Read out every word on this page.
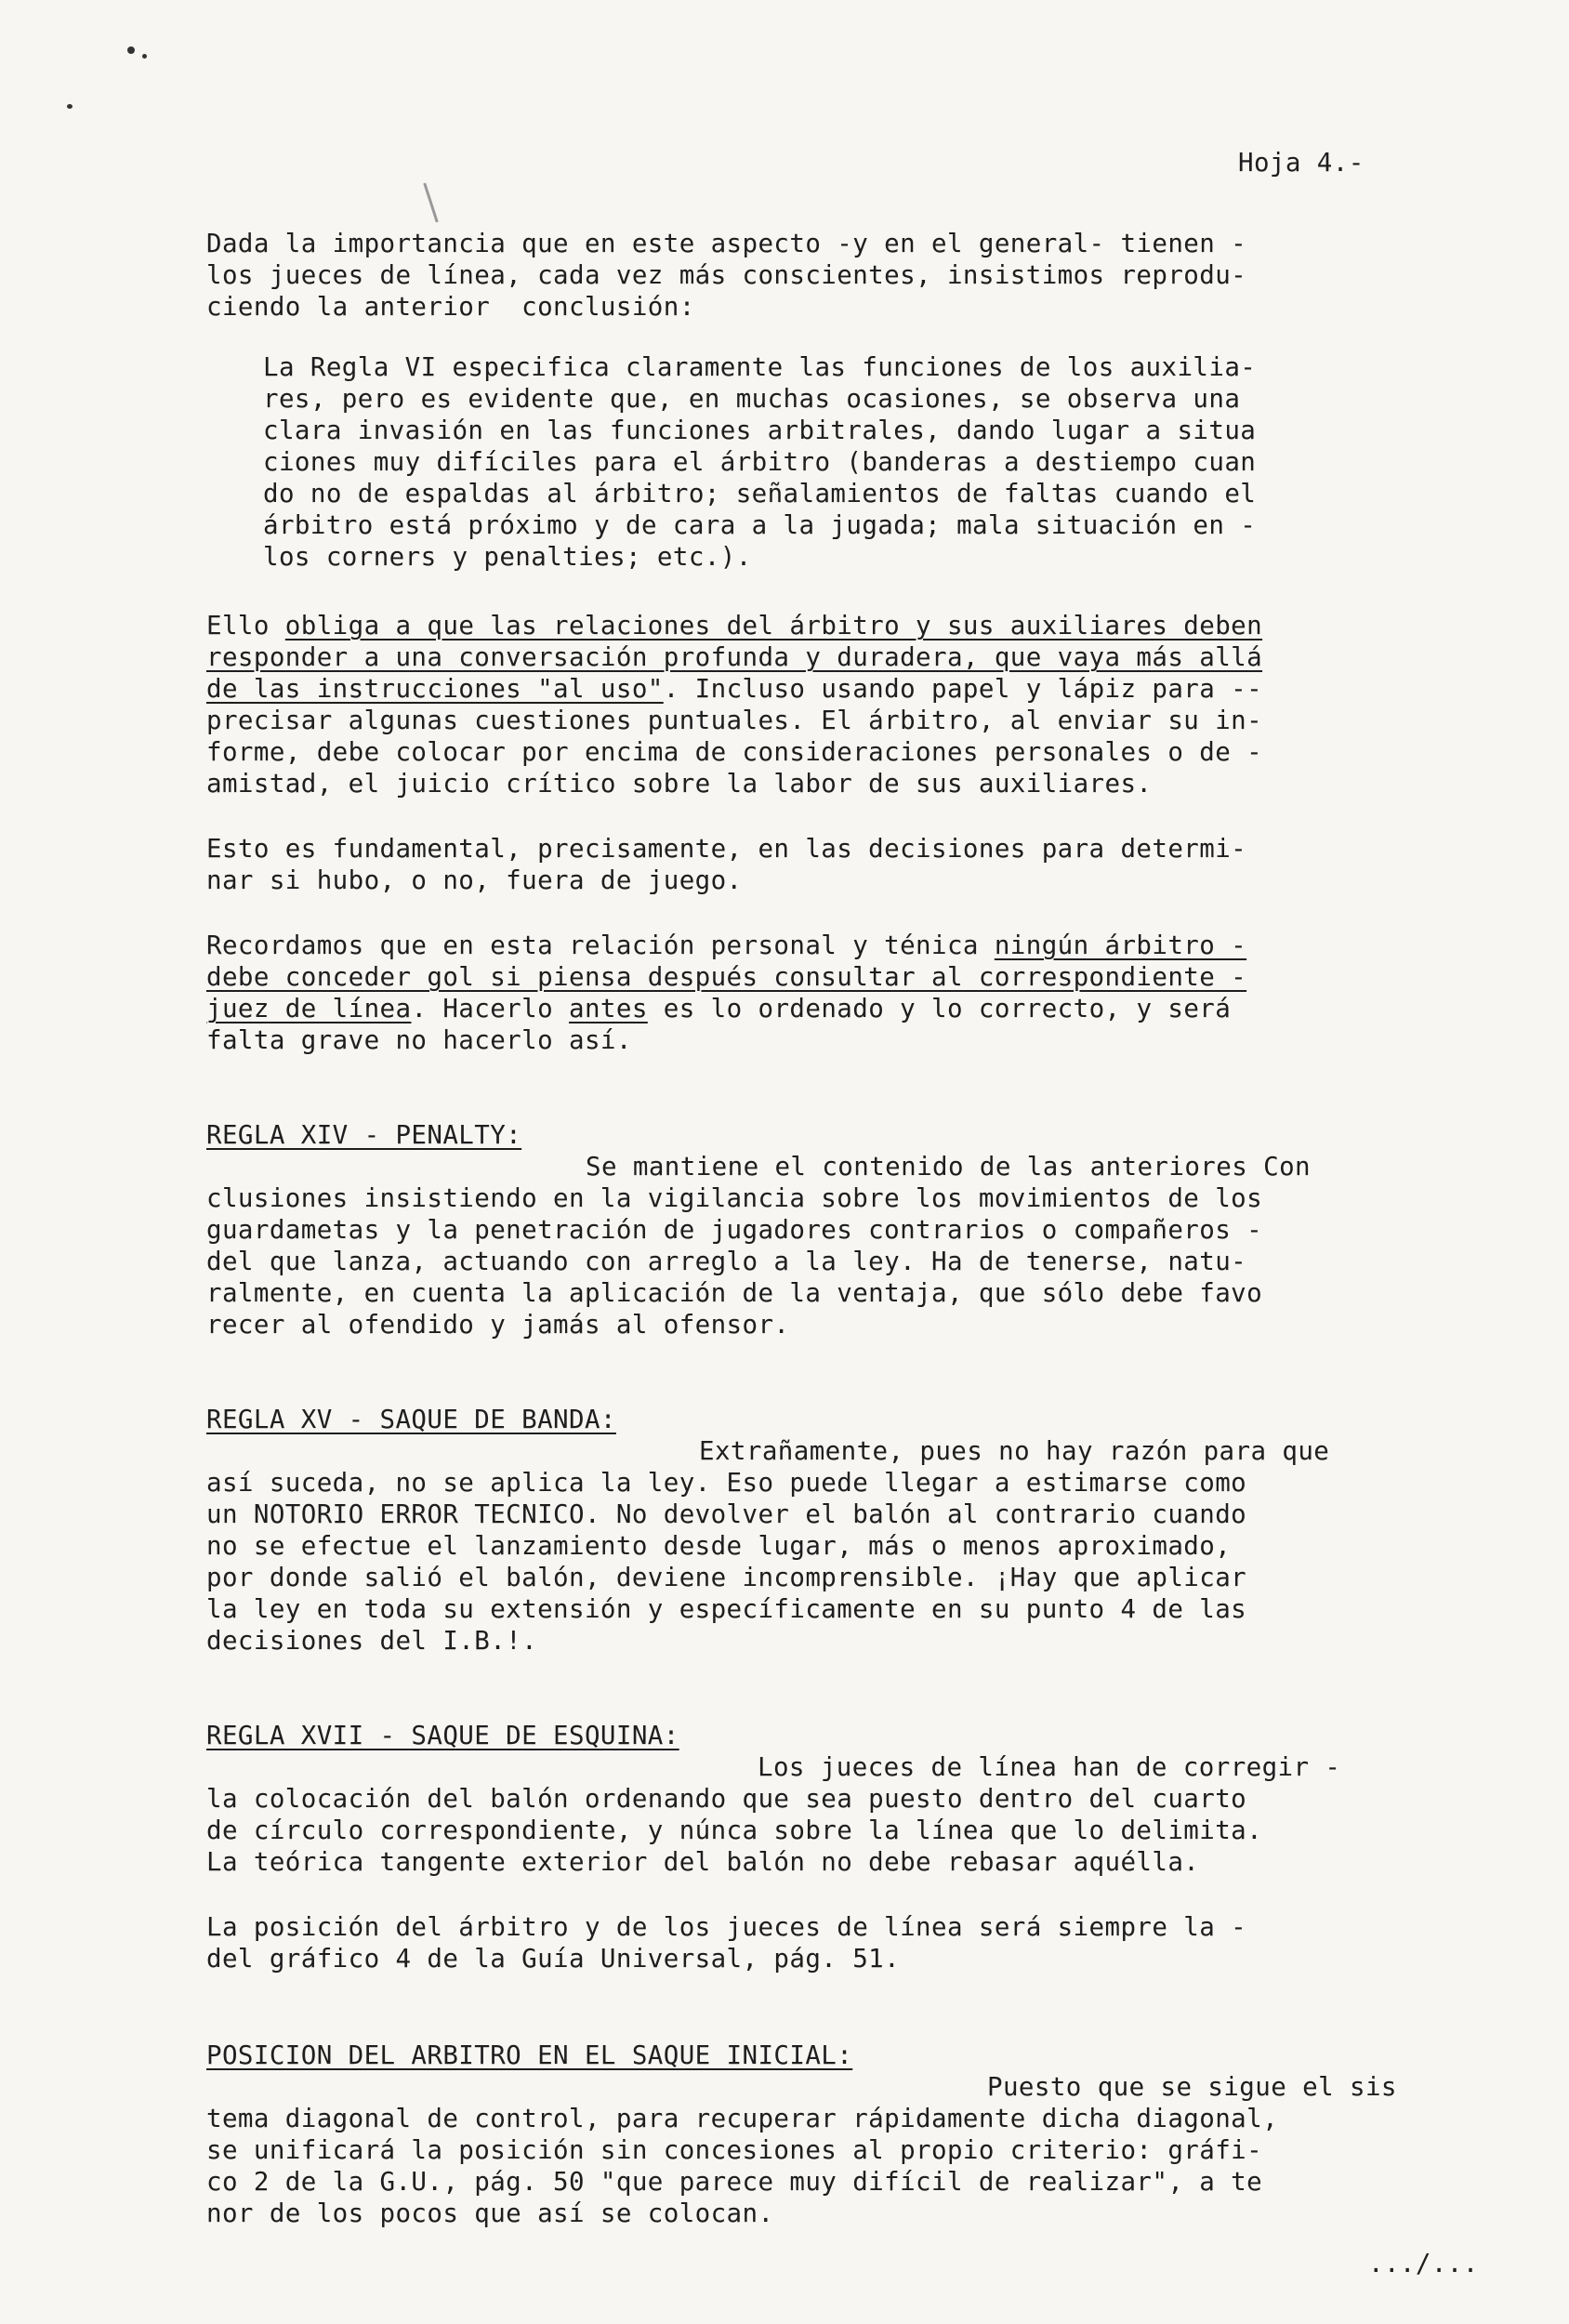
Hoja 4.-
Dada la importancia que en este aspecto -y en el general- tienen -
los jueces de línea, cada vez más conscientes, insistimos reprodu-
ciendo la anterior  conclusión:
La Regla VI especifica claramente las funciones de los auxilia-
res, pero es evidente que, en muchas ocasiones, se observa una
clara invasión en las funciones arbitrales, dando lugar a situa
ciones muy difíciles para el árbitro (banderas a destiempo cuan
do no de espaldas al árbitro; señalamientos de faltas cuando el
árbitro está próximo y de cara a la jugada; mala situación en -
los corners y penalties; etc.).
Ello obliga a que las relaciones del árbitro y sus auxiliares deben
responder a una conversación profunda y duradera, que vaya más allá
de las instrucciones "al uso". Incluso usando papel y lápiz para --
precisar algunas cuestiones puntuales. El árbitro, al enviar su in-
forme, debe colocar por encima de consideraciones personales o de -
amistad, el juicio crítico sobre la labor de sus auxiliares.
Esto es fundamental, precisamente, en las decisiones para determi-
nar si hubo, o no, fuera de juego.
Recordamos que en esta relación personal y ténica ningún árbitro -
debe conceder gol si piensa después consultar al correspondiente -
juez de línea. Hacerlo antes es lo ordenado y lo correcto, y será
falta grave no hacerlo así.
REGLA XIV - PENALTY:
Se mantiene el contenido de las anteriores Con
clusiones insistiendo en la vigilancia sobre los movimientos de los
guardametas y la penetración de jugadores contrarios o compañeros -
del que lanza, actuando con arreglo a la ley. Ha de tenerse, natu-
ralmente, en cuenta la aplicación de la ventaja, que sólo debe favo
recer al ofendido y jamás al ofensor.
REGLA XV - SAQUE DE BANDA:
Extrañamente, pues no hay razón para que
así suceda, no se aplica la ley. Eso puede llegar a estimarse como
un NOTORIO ERROR TECNICO. No devolver el balón al contrario cuando
no se efectue el lanzamiento desde lugar, más o menos aproximado,
por donde salió el balón, deviene incomprensible. ¡Hay que aplicar
la ley en toda su extensión y específicamente en su punto 4 de las
decisiones del I.B.!.
REGLA XVII - SAQUE DE ESQUINA:
Los jueces de línea han de corregir -
la colocación del balón ordenando que sea puesto dentro del cuarto
de círculo correspondiente, y núnca sobre la línea que lo delimita.
La teórica tangente exterior del balón no debe rebasar aquélla.
La posición del árbitro y de los jueces de línea será siempre la -
del gráfico 4 de la Guía Universal, pág. 51.
POSICION DEL ARBITRO EN EL SAQUE INICIAL:
Puesto que se sigue el sis
tema diagonal de control, para recuperar rápidamente dicha diagonal,
se unificará la posición sin concesiones al propio criterio: gráfi-
co 2 de la G.U., pág. 50 "que parece muy difícil de realizar", a te
nor de los pocos que así se colocan.
.../...
